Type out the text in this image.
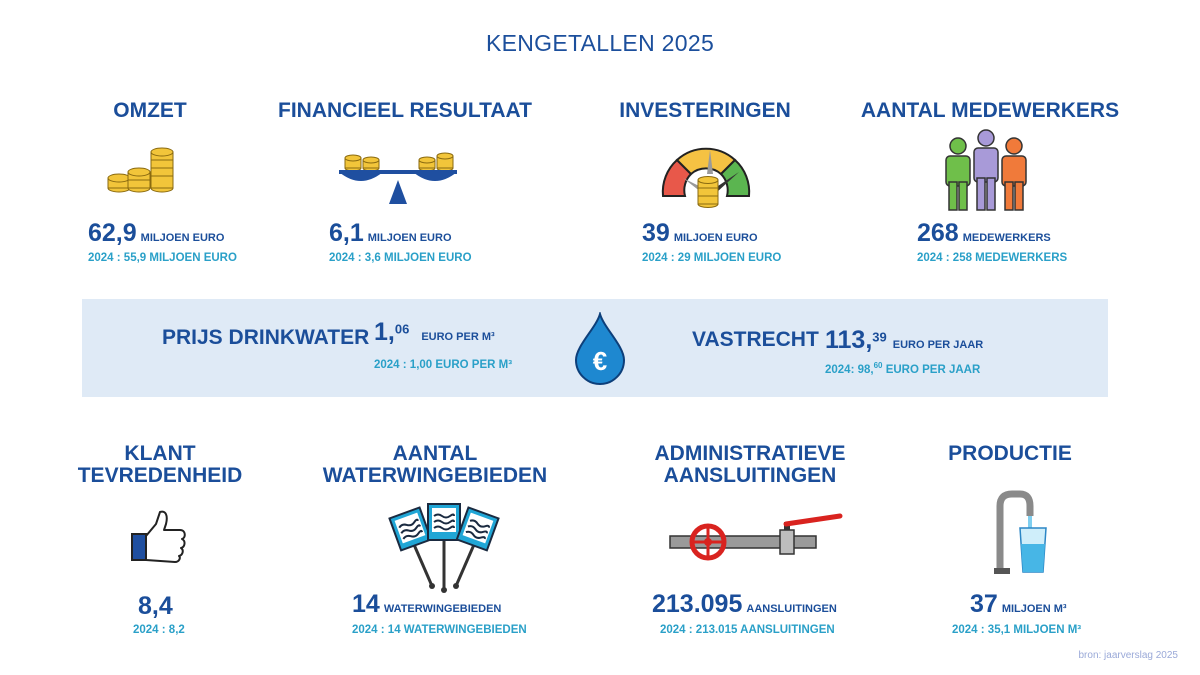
KENGETALLEN 2025
OMZET	FINANCIEEL RESULTAAT	INVESTERINGEN	AANTAL MEDEWERKERS
62,9 MILJOEN EURO
2024 : 55,9 MILJOEN EURO
6,1 MILJOEN EURO
2024 : 3,6 MILJOEN EURO
39 MILJOEN EURO
2024 : 29 MILJOEN EURO
268 MEDEWERKERS
2024 : 258 MEDEWERKERS
PRIJS DRINKWATER 1,06EURO PER M³
2024 : 1,00 EURO PER M³	€
VASTRECHT 113,39EURO PER JAAR
2024: 98,60 EURO PER JAAR
KLANT
TEVREDENHEID
AANTAL
WATERWINGEBIEDEN
ADMINISTRATIEVE
AANSLUITINGEN
PRODUCTIE
8,4
2024 : 8,2
14 WATERWINGEBIEDEN
2024 : 14 WATERWINGEBIEDEN
213.095 AANSLUITINGEN
2024 : 213.015 AANSLUITINGEN
37 MILJOEN M³
2024 : 35,1 MILJOEN M³
bron: jaarverslag 2025
